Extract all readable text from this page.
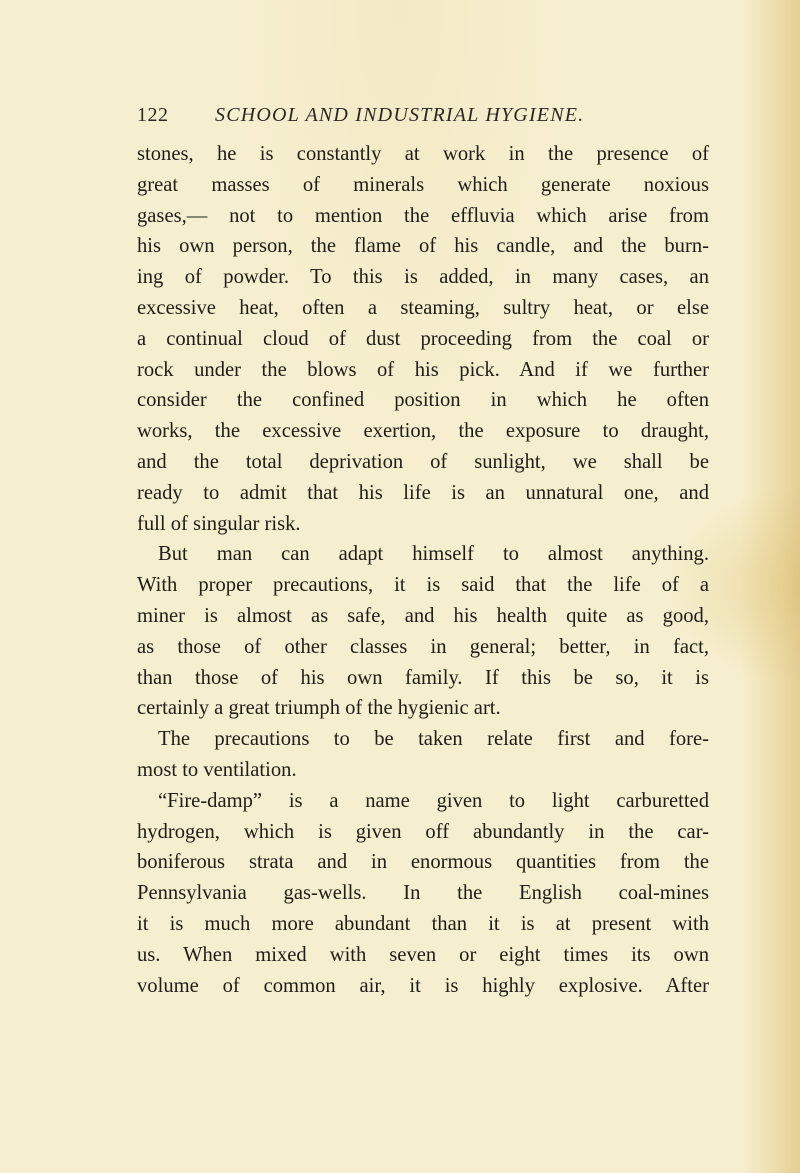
122 SCHOOL AND INDUSTRIAL HYGIENE.
stones, he is constantly at work in the presence of
great masses of minerals which generate noxious
gases,— not to mention the effluvia which arise from
his own person, the flame of his candle, and the burn-
ing of powder. To this is added, in many cases, an
excessive heat, often a steaming, sultry heat, or else
a continual cloud of dust proceeding from the coal or
rock under the blows of his pick. And if we further
consider the confined position in which he often
works, the excessive exertion, the exposure to draught,
and the total deprivation of sunlight, we shall be
ready to admit that his life is an unnatural one, and
full of singular risk.
But man can adapt himself to almost anything.
With proper precautions, it is said that the life of a
miner is almost as safe, and his health quite as good,
as those of other classes in general; better, in fact,
than those of his own family. If this be so, it is
certainly a great triumph of the hygienic art.
The precautions to be taken relate first and fore-
most to ventilation.
“Fire-damp” is a name given to light carburetted
hydrogen, which is given off abundantly in the car-
boniferous strata and in enormous quantities from the
Pennsylvania gas-wells. In the English coal-mines
it is much more abundant than it is at present with
us. When mixed with seven or eight times its own
volume of common air, it is highly explosive. After
